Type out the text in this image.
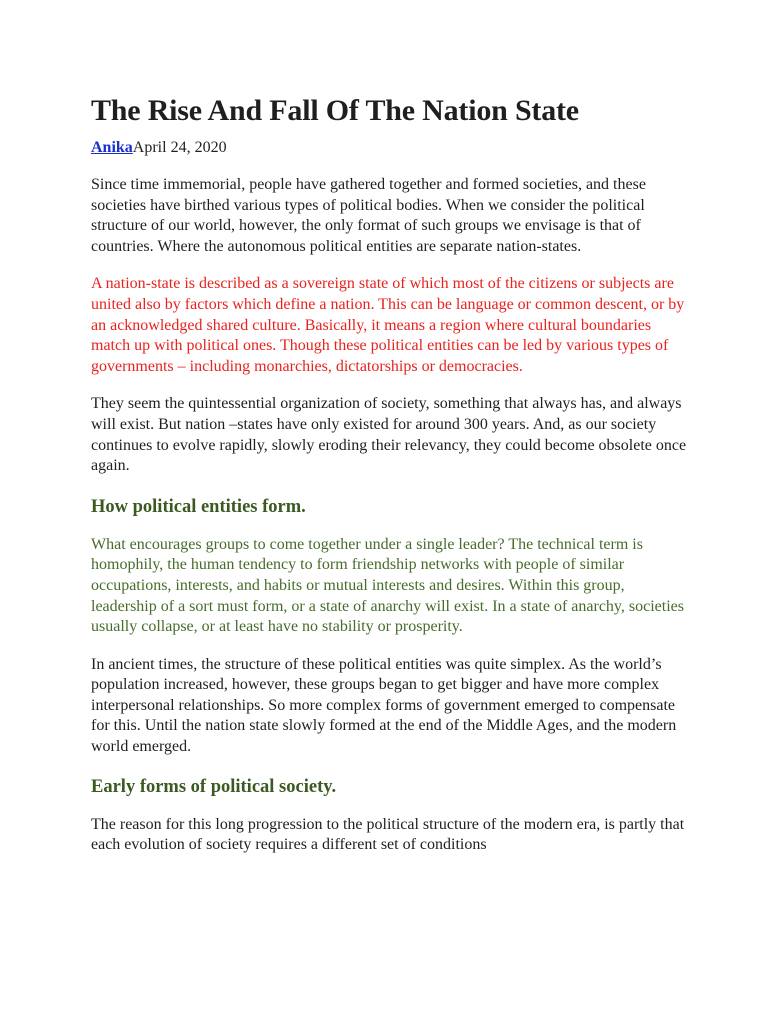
The Rise And Fall Of The Nation State
AnikaApril 24, 2020

Since time immemorial, people have gathered together and formed societies, and these societies have birthed various types of political bodies. When we consider the political structure of our world, however, the only format of such groups we envisage is that of countries. Where the autonomous political entities are separate nation-states.

A nation-state is described as a sovereign state of which most of the citizens or subjects are united also by factors which define a nation. This can be language or common descent, or by an acknowledged shared culture. Basically, it means a region where cultural boundaries match up with political ones. Though these political entities can be led by various types of governments – including monarchies, dictatorships or democracies.

They seem the quintessential organization of society, something that always has, and always will exist. But nation –states have only existed for around 300 years. And, as our society continues to evolve rapidly, slowly eroding their relevancy, they could become obsolete once again.

How political entities form.

What encourages groups to come together under a single leader? The technical term is homophily, the human tendency to form friendship networks with people of similar occupations, interests, and habits or mutual interests and desires. Within this group, leadership of a sort must form, or a state of anarchy will exist. In a state of anarchy, societies usually collapse, or at least have no stability or prosperity.

In ancient times, the structure of these political entities was quite simplex. As the world’s population increased, however, these groups began to get bigger and have more complex interpersonal relationships. So more complex forms of government emerged to compensate for this. Until the nation state slowly formed at the end of the Middle Ages, and the modern world emerged.

Early forms of political society.

The reason for this long progression to the political structure of the modern era, is partly that each evolution of society requires a different set of conditions
